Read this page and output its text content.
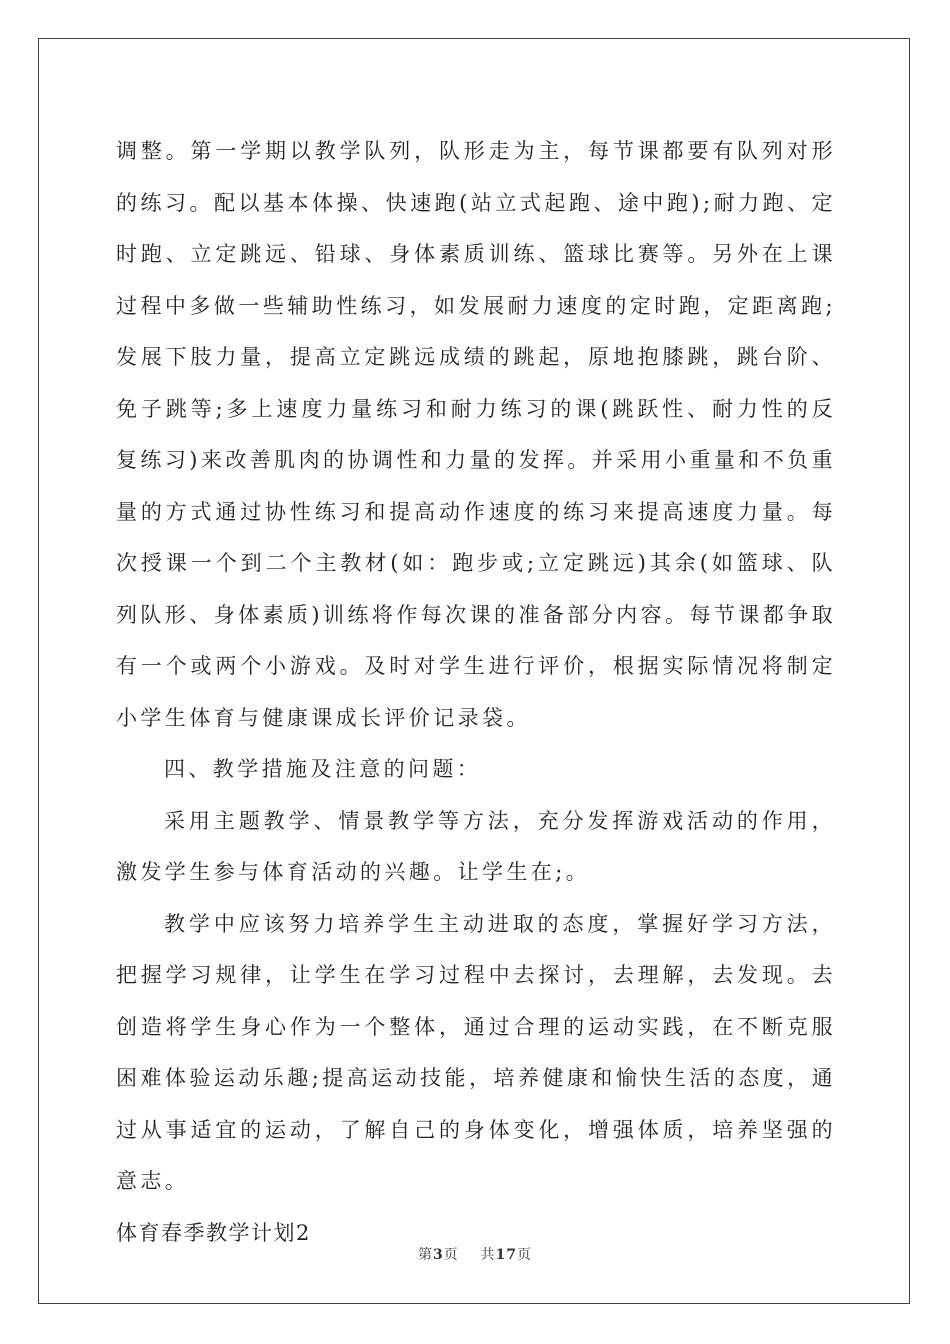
调整。第一学期以教学队列，队形走为主，每节课都要有队列对形的练习。配以基本体操、快速跑(站立式起跑、途中跑);耐力跑、定时跑、立定跳远、铅球、身体素质训练、篮球比赛等。另外在上课过程中多做一些辅助性练习，如发展耐力速度的定时跑，定距离跑;发展下肢力量，提高立定跳远成绩的跳起，原地抱膝跳，跳台阶、免子跳等;多上速度力量练习和耐力练习的课(跳跃性、耐力性的反复练习)来改善肌肉的协调性和力量的发挥。并采用小重量和不负重量的方式通过协性练习和提高动作速度的练习来提高速度力量。每次授课一个到二个主教材(如：跑步或;立定跳远)其余(如篮球、队列队形、身体素质)训练将作每次课的准备部分内容。每节课都争取有一个或两个小游戏。及时对学生进行评价，根据实际情况将制定小学生体育与健康课成长评价记录袋。

四、教学措施及注意的问题：

采用主题教学、情景教学等方法，充分发挥游戏活动的作用，激发学生参与体育活动的兴趣。让学生在;。

教学中应该努力培养学生主动进取的态度，掌握好学习方法，把握学习规律，让学生在学习过程中去探讨，去理解，去发现。去创造将学生身心作为一个整体，通过合理的运动实践，在不断克服困难体验运动乐趣;提高运动技能，培养健康和愉快生活的态度，通过从事适宜的运动，了解自己的身体变化，增强体质，培养坚强的意志。

体育春季教学计划2

第3页 共17页
